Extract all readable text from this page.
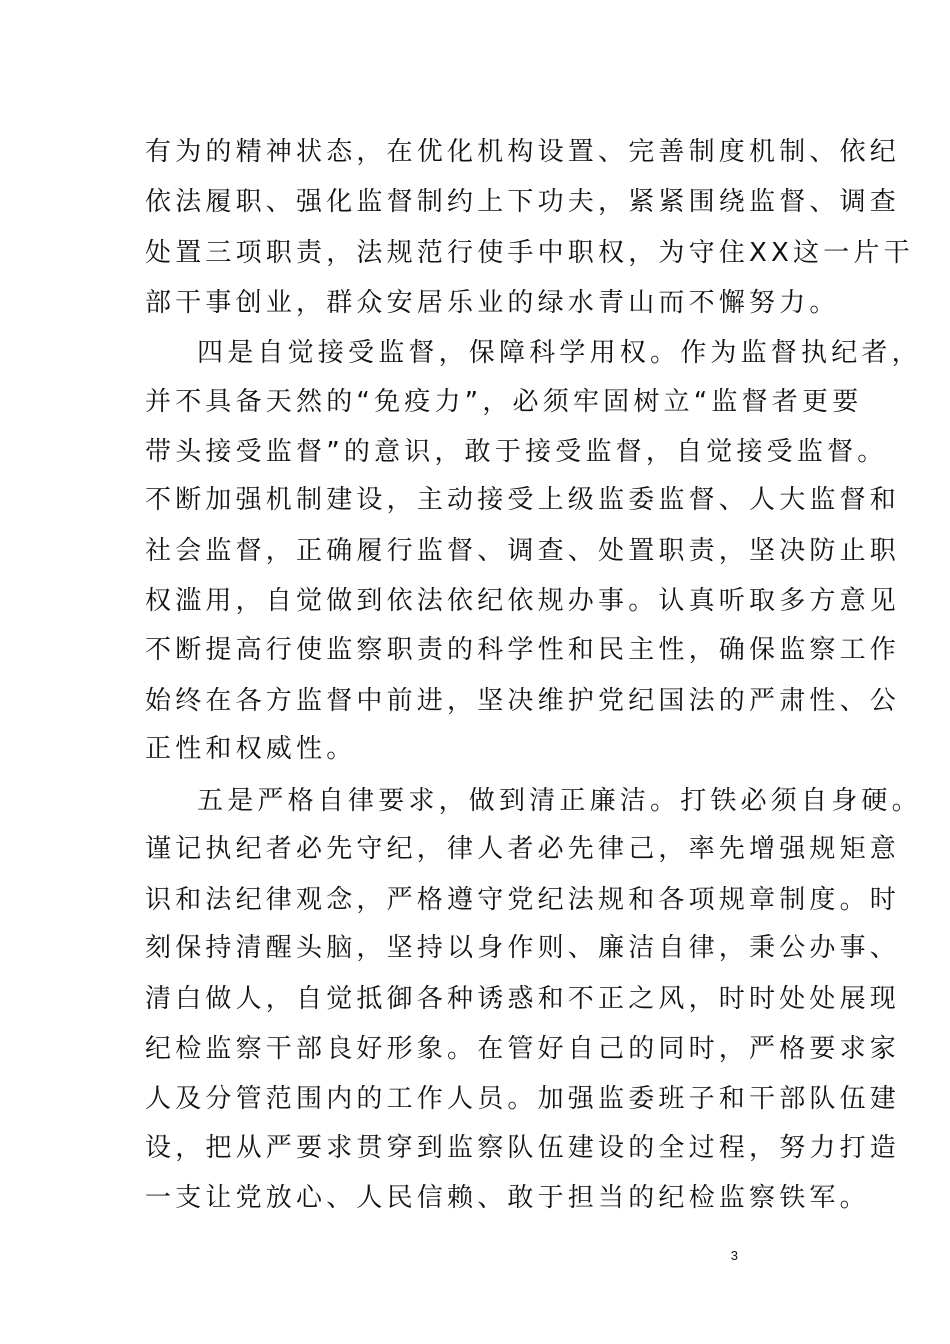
有为的精神状态，在优化机构设置、完善制度机制、依纪
依法履职、强化监督制约上下功夫，紧紧围绕监督、调查
处置三项职责，法规范行使手中职权，为守住XX这一片干
部干事创业，群众安居乐业的绿水青山而不懈努力。
四是自觉接受监督，保障科学用权。作为监督执纪者，
并不具备天然的“免疫力”，必须牢固树立“监督者更要
带头接受监督”的意识，敢于接受监督，自觉接受监督。
不断加强机制建设，主动接受上级监委监督、人大监督和
社会监督，正确履行监督、调查、处置职责，坚决防止职
权滥用，自觉做到依法依纪依规办事。认真听取多方意见
不断提高行使监察职责的科学性和民主性，确保监察工作
始终在各方监督中前进，坚决维护党纪国法的严肃性、公
正性和权威性。
五是严格自律要求，做到清正廉洁。打铁必须自身硬。
谨记执纪者必先守纪，律人者必先律己，率先增强规矩意
识和法纪律观念，严格遵守党纪法规和各项规章制度。时
刻保持清醒头脑，坚持以身作则、廉洁自律，秉公办事、
清白做人，自觉抵御各种诱惑和不正之风，时时处处展现
纪检监察干部良好形象。在管好自己的同时，严格要求家
人及分管范围内的工作人员。加强监委班子和干部队伍建
设，把从严要求贯穿到监察队伍建设的全过程，努力打造
一支让党放心、人民信赖、敢于担当的纪检监察铁军。
3
